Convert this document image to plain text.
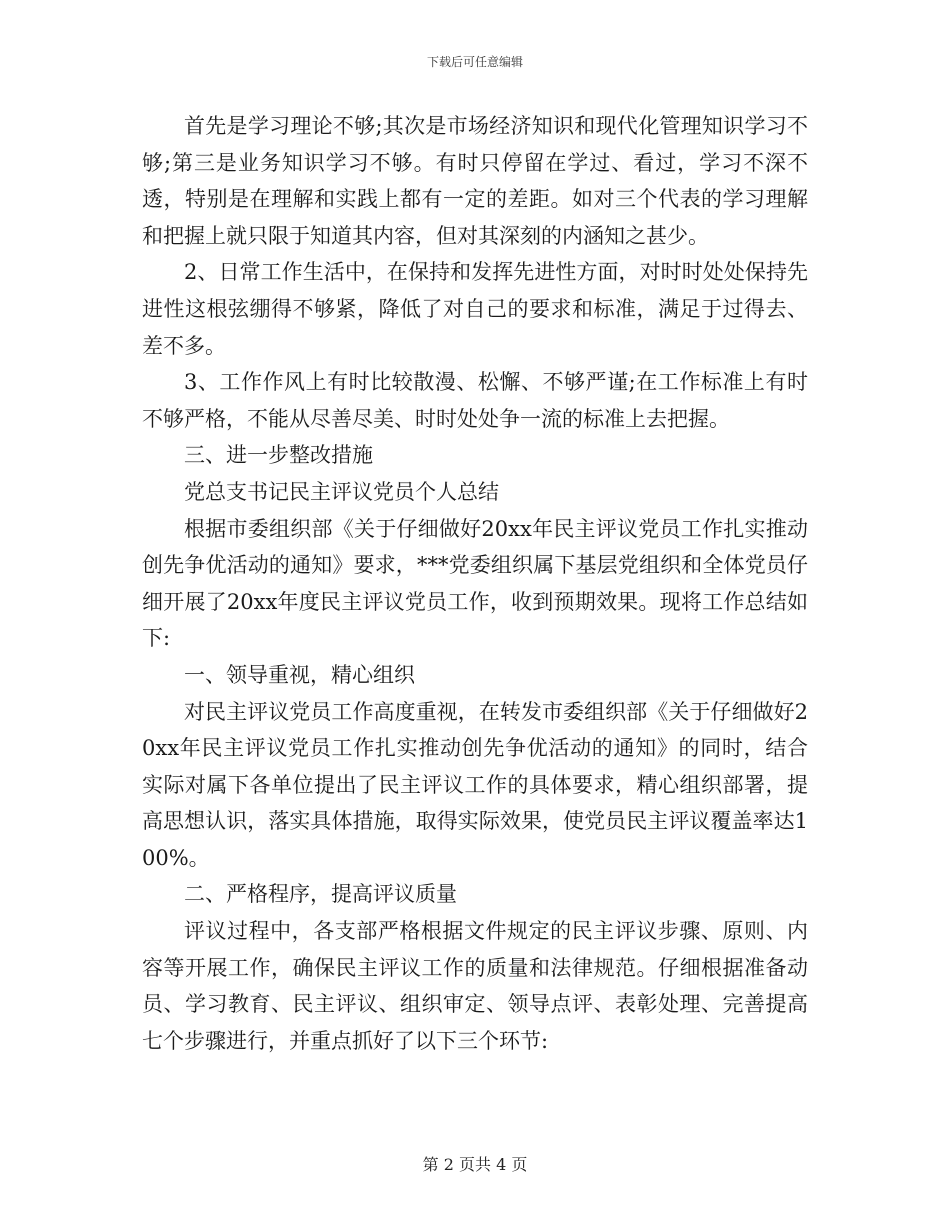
下载后可任意编辑

首先是学习理论不够;其次是市场经济知识和现代化管理知识学习不够;第三是业务知识学习不够。有时只停留在学过、看过，学习不深不透，特别是在理解和实践上都有一定的差距。如对三个代表的学习理解和把握上就只限于知道其内容，但对其深刻的内涵知之甚少。

2、日常工作生活中，在保持和发挥先进性方面，对时时处处保持先进性这根弦绷得不够紧，降低了对自己的要求和标准，满足于过得去、差不多。

3、工作作风上有时比较散漫、松懈、不够严谨;在工作标准上有时不够严格，不能从尽善尽美、时时处处争一流的标准上去把握。

三、进一步整改措施

党总支书记民主评议党员个人总结

根据市委组织部《关于仔细做好20xx年民主评议党员工作扎实推动创先争优活动的通知》要求，***党委组织属下基层党组织和全体党员仔细开展了20xx年度民主评议党员工作，收到预期效果。现将工作总结如下:

一、领导重视，精心组织

对民主评议党员工作高度重视，在转发市委组织部《关于仔细做好20xx年民主评议党员工作扎实推动创先争优活动的通知》的同时，结合实际对属下各单位提出了民主评议工作的具体要求，精心组织部署，提高思想认识，落实具体措施，取得实际效果，使党员民主评议覆盖率达100%。

二、严格程序，提高评议质量

评议过程中，各支部严格根据文件规定的民主评议步骤、原则、内容等开展工作，确保民主评议工作的质量和法律规范。仔细根据准备动员、学习教育、民主评议、组织审定、领导点评、表彰处理、完善提高七个步骤进行，并重点抓好了以下三个环节:

第 2 页共 4 页
